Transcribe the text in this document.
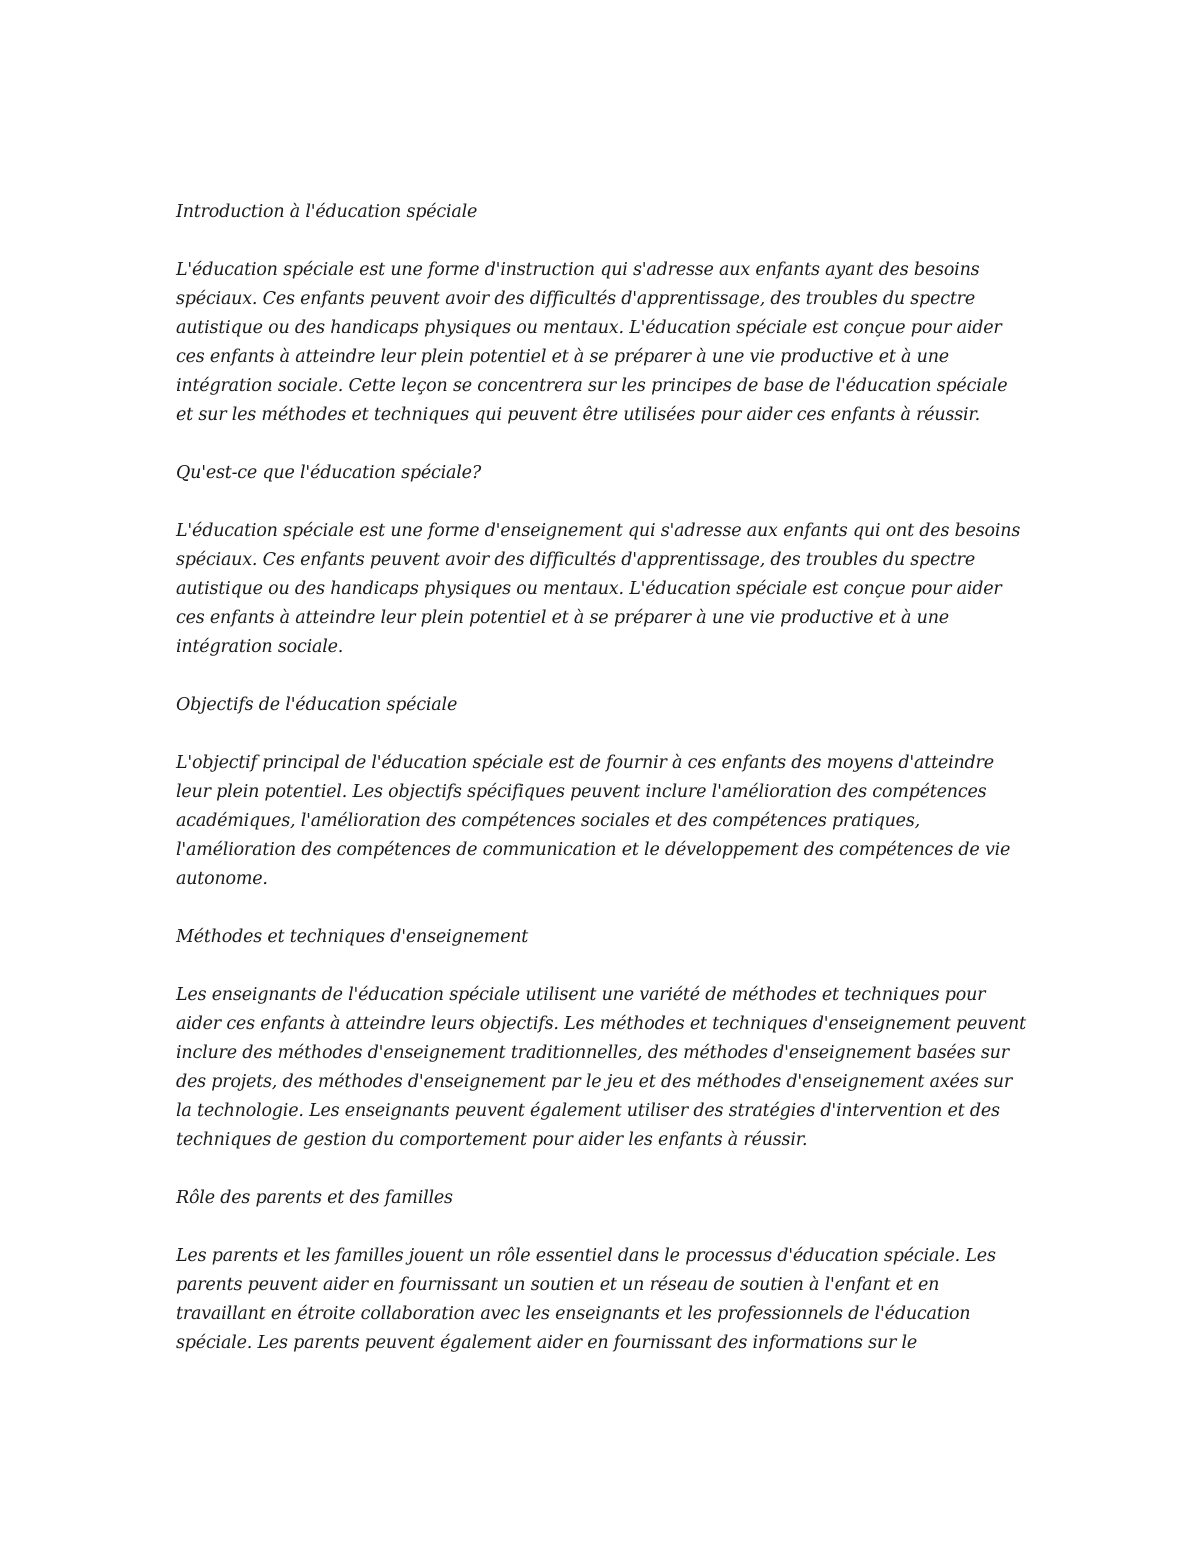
Introduction à l'éducation spéciale

L'éducation spéciale est une forme d'instruction qui s'adresse aux enfants ayant des besoins spéciaux. Ces enfants peuvent avoir des difficultés d'apprentissage, des troubles du spectre autistique ou des handicaps physiques ou mentaux. L'éducation spéciale est conçue pour aider ces enfants à atteindre leur plein potentiel et à se préparer à une vie productive et à une intégration sociale. Cette leçon se concentrera sur les principes de base de l'éducation spéciale et sur les méthodes et techniques qui peuvent être utilisées pour aider ces enfants à réussir.

Qu'est-ce que l'éducation spéciale?

L'éducation spéciale est une forme d'enseignement qui s'adresse aux enfants qui ont des besoins spéciaux. Ces enfants peuvent avoir des difficultés d'apprentissage, des troubles du spectre autistique ou des handicaps physiques ou mentaux. L'éducation spéciale est conçue pour aider ces enfants à atteindre leur plein potentiel et à se préparer à une vie productive et à une intégration sociale.

Objectifs de l'éducation spéciale

L'objectif principal de l'éducation spéciale est de fournir à ces enfants des moyens d'atteindre leur plein potentiel. Les objectifs spécifiques peuvent inclure l'amélioration des compétences académiques, l'amélioration des compétences sociales et des compétences pratiques, l'amélioration des compétences de communication et le développement des compétences de vie autonome.

Méthodes et techniques d'enseignement

Les enseignants de l'éducation spéciale utilisent une variété de méthodes et techniques pour aider ces enfants à atteindre leurs objectifs. Les méthodes et techniques d'enseignement peuvent inclure des méthodes d'enseignement traditionnelles, des méthodes d'enseignement basées sur des projets, des méthodes d'enseignement par le jeu et des méthodes d'enseignement axées sur la technologie. Les enseignants peuvent également utiliser des stratégies d'intervention et des techniques de gestion du comportement pour aider les enfants à réussir.

Rôle des parents et des familles

Les parents et les familles jouent un rôle essentiel dans le processus d'éducation spéciale. Les parents peuvent aider en fournissant un soutien et un réseau de soutien à l'enfant et en travaillant en étroite collaboration avec les enseignants et les professionnels de l'éducation spéciale. Les parents peuvent également aider en fournissant des informations sur le
